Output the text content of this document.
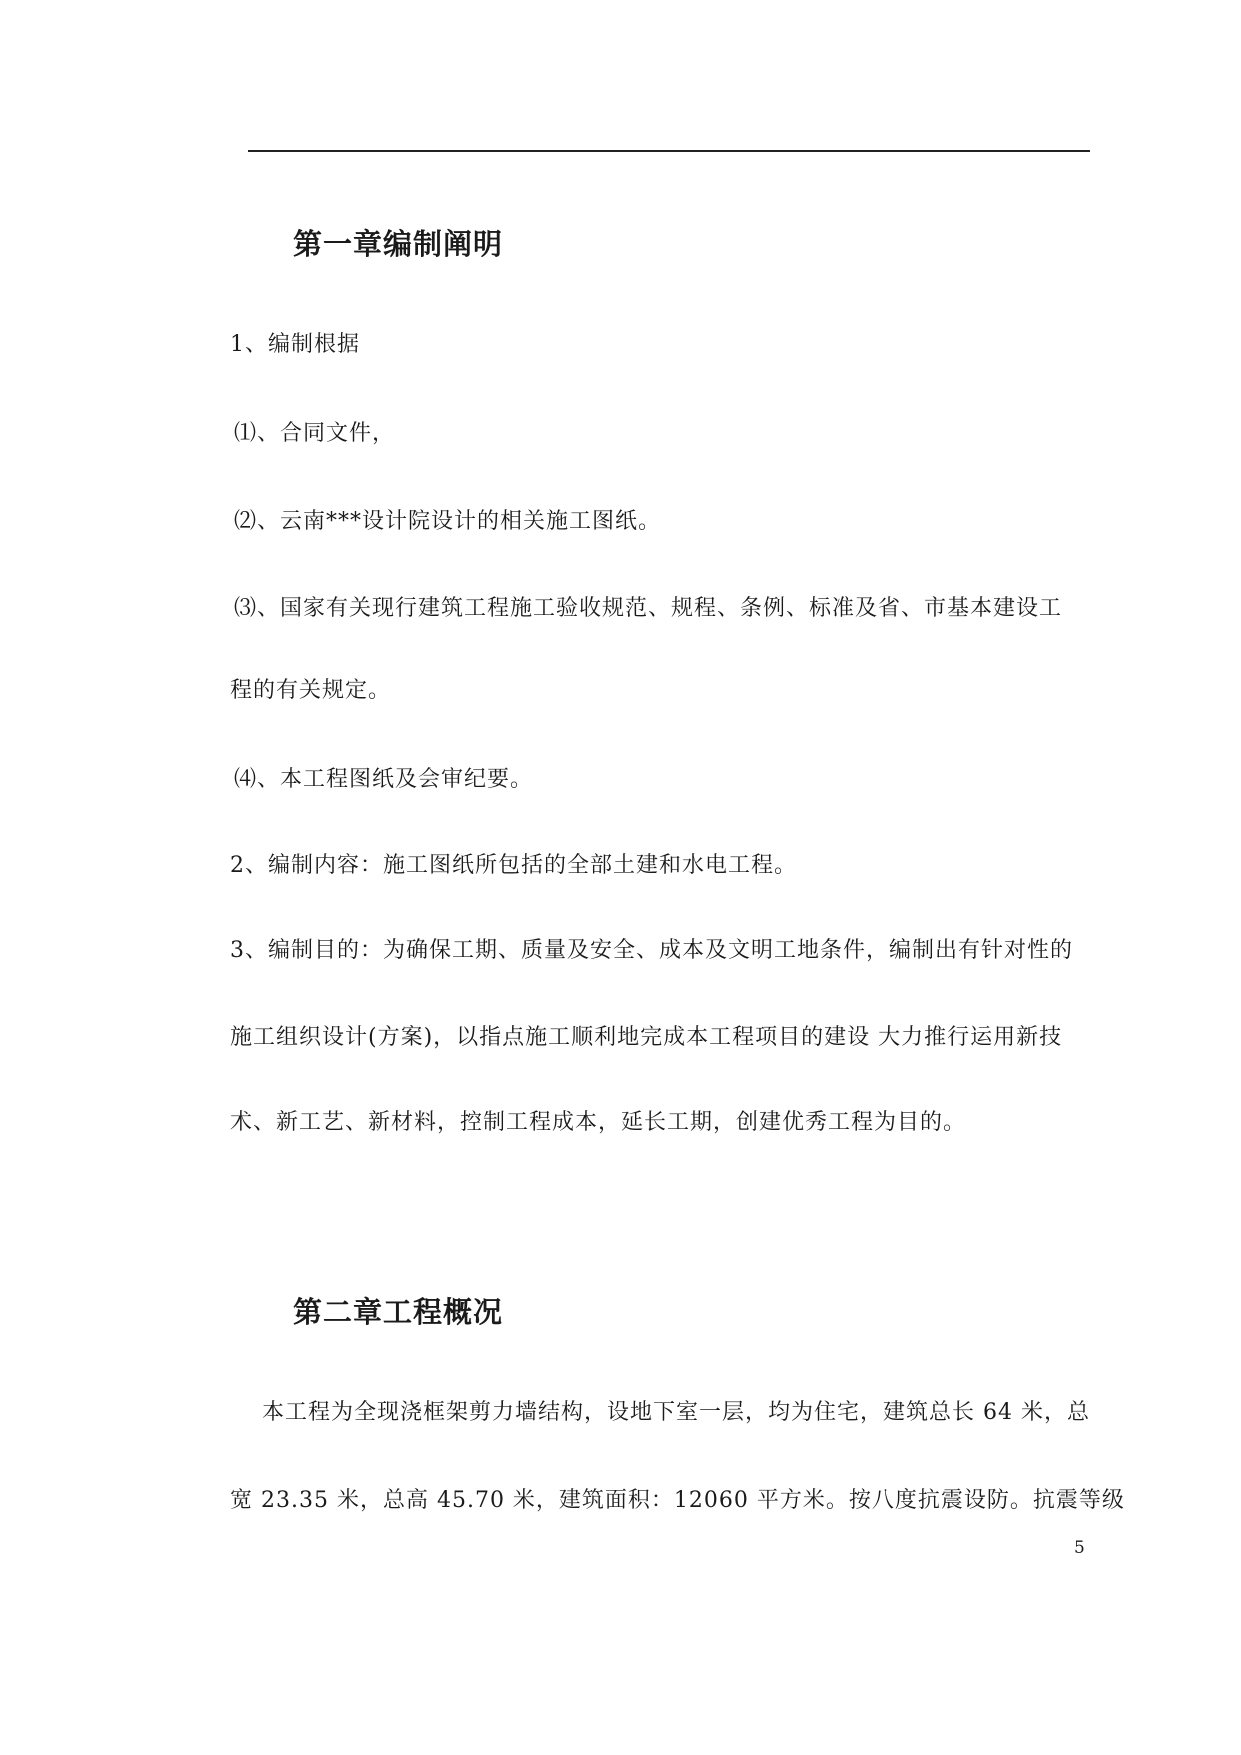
第一章编制阐明

1、编制根据

⑴、合同文件，

⑵、云南***设计院设计的相关施工图纸。

⑶、国家有关现行建筑工程施工验收规范、规程、条例、标准及省、市基本建设工

程的有关规定。

⑷、本工程图纸及会审纪要。

2、编制内容：施工图纸所包括的全部土建和水电工程。

3、编制目的：为确保工期、质量及安全、成本及文明工地条件，编制出有针对性的

施工组织设计(方案)，以指点施工顺利地完成本工程项目的建设 大力推行运用新技

术、新工艺、新材料，控制工程成本，延长工期，创建优秀工程为目的。

第二章工程概况

本工程为全现浇框架剪力墙结构，设地下室一层，均为住宅，建筑总长 64 米，总

宽 23.35 米，总高 45.70 米，建筑面积：12060 平方米。按八度抗震设防。抗震等级

5
